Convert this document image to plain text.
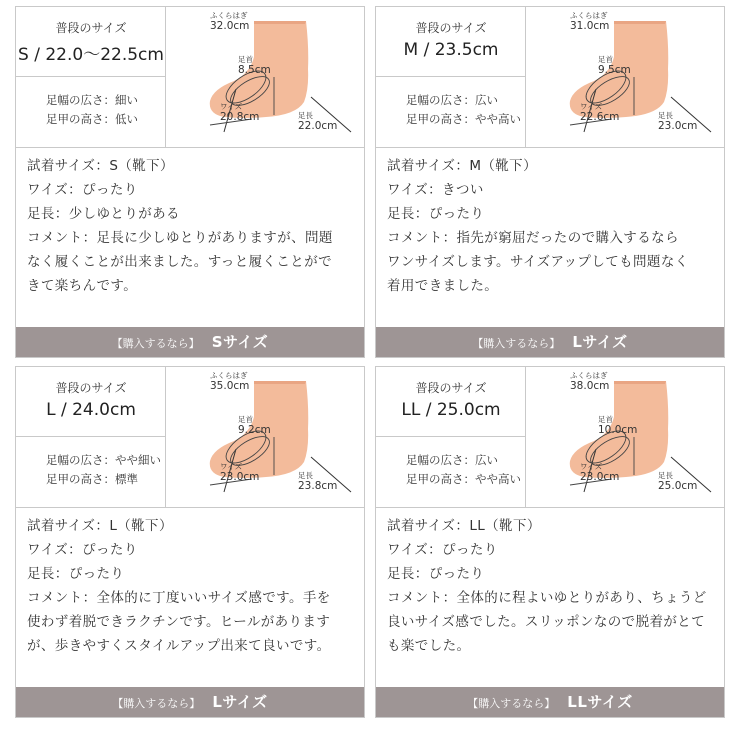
普段のサイズ
S / 22.0〜22.5cm
足幅の広さ：細い
足甲の高さ：低い
ふくらはぎ
32.0cm
足首
8.5cm
ワイズ
20.8cm	足長
22.0cm
試着サイズ：S（靴下）
ワイズ：ぴったり
足長：少しゆとりがある
コメント：足長に少しゆとりがありますが、問題
なく履くことが出来ました。すっと履くことがで
きて楽ちんです。
【購入するなら】 Sサイズ
普段のサイズ
M / 23.5cm
足幅の広さ：広い
足甲の高さ：やや高い
ふくらはぎ
31.0cm
足首
9.5cm
ワイズ
22.6cm	足長
23.0cm
試着サイズ：M（靴下）
ワイズ：きつい
足長：ぴったり
コメント：指先が窮屈だったので購入するなら
ワンサイズします。サイズアップしても問題なく
着用できました。
【購入するなら】 Lサイズ
普段のサイズ
L / 24.0cm
足幅の広さ：やや細い
足甲の高さ：標準
ふくらはぎ
35.0cm
足首
9.2cm
ワイズ
23.0cm	足長
23.8cm
試着サイズ：L（靴下）
ワイズ：ぴったり
足長：ぴったり
コメント：全体的に丁度いいサイズ感です。手を
使わず着脱できラクチンです。ヒールがあります
が、歩きやすくスタイルアップ出来て良いです。
【購入するなら】 Lサイズ
普段のサイズ
LL / 25.0cm
足幅の広さ：広い
足甲の高さ：やや高い
ふくらはぎ
38.0cm
足首
10.0cm
ワイズ
23.0cm	足長
25.0cm
試着サイズ：LL（靴下）
ワイズ：ぴったり
足長：ぴったり
コメント：全体的に程よいゆとりがあり、ちょうど
良いサイズ感でした。スリッポンなので脱着がとて
も楽でした。
【購入するなら】 LLサイズ
